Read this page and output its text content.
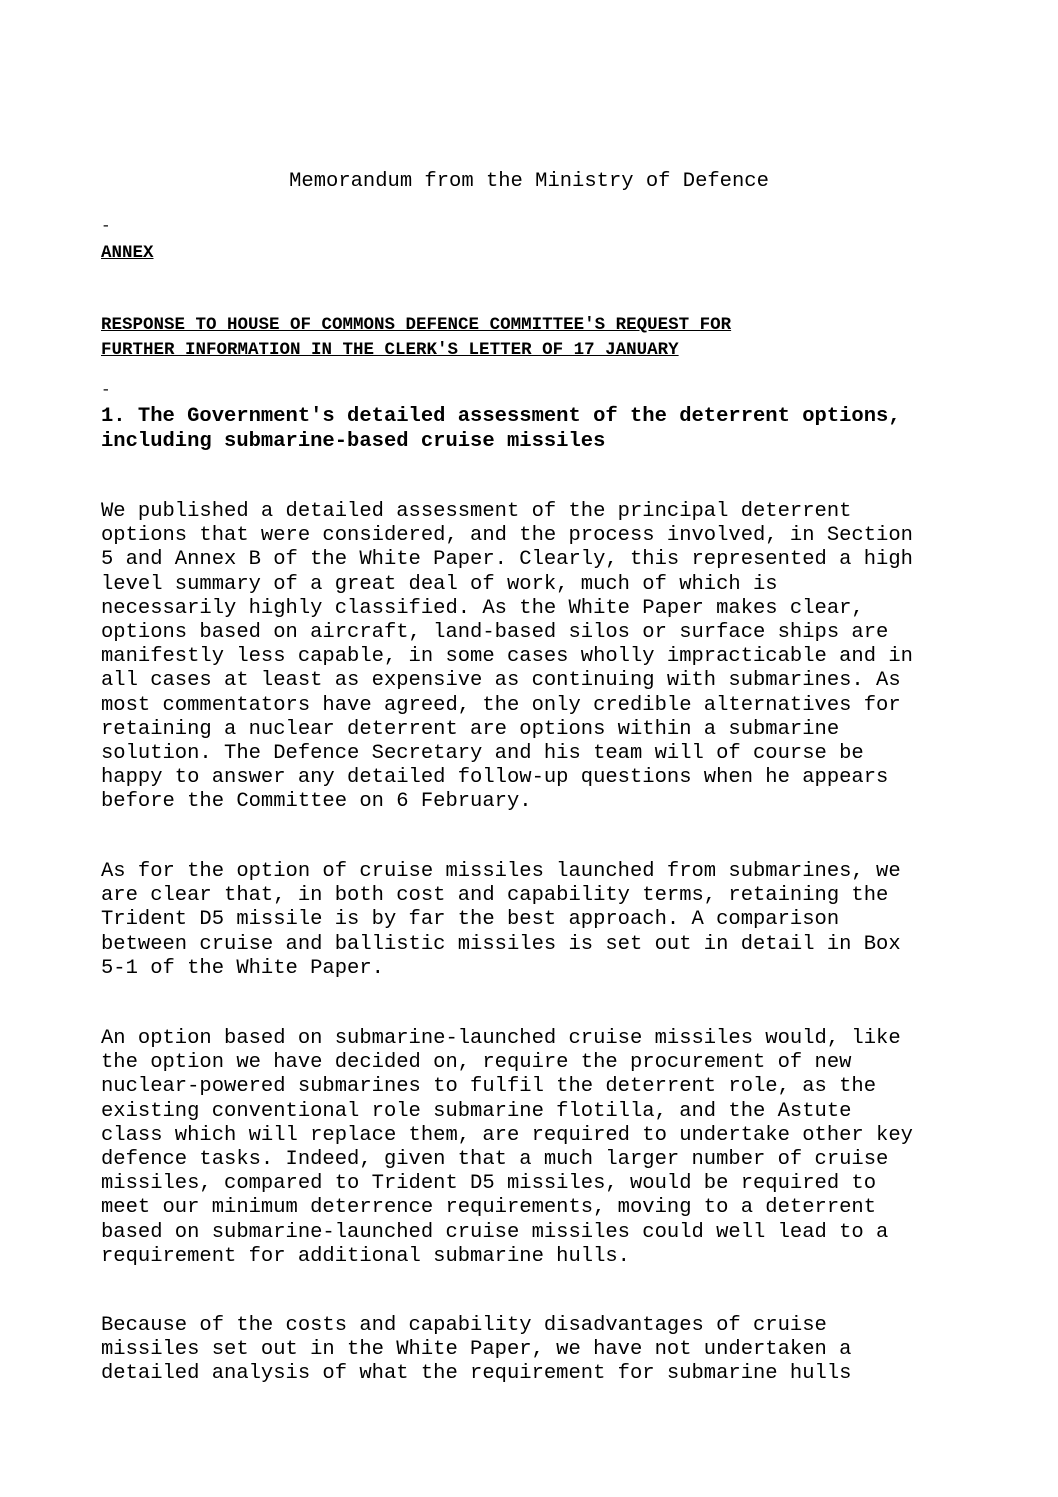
Memorandum from the Ministry of Defence

-

ANNEX

RESPONSE TO HOUSE OF COMMONS DEFENCE COMMITTEE'S REQUEST FOR
FURTHER INFORMATION IN THE CLERK'S LETTER OF 17 JANUARY

-

1. The Government's detailed assessment of the deterrent options,
including submarine-based cruise missiles

We published a detailed assessment of the principal deterrent
options that were considered, and the process involved, in Section
5 and Annex B of the White Paper. Clearly, this represented a high
level summary of a great deal of work, much of which is
necessarily highly classified. As the White Paper makes clear,
options based on aircraft, land-based silos or surface ships are
manifestly less capable, in some cases wholly impracticable and in
all cases at least as expensive as continuing with submarines. As
most commentators have agreed, the only credible alternatives for
retaining a nuclear deterrent are options within a submarine
solution. The Defence Secretary and his team will of course be
happy to answer any detailed follow-up questions when he appears
before the Committee on 6 February.

As for the option of cruise missiles launched from submarines, we
are clear that, in both cost and capability terms, retaining the
Trident D5 missile is by far the best approach. A comparison
between cruise and ballistic missiles is set out in detail in Box
5-1 of the White Paper.

An option based on submarine-launched cruise missiles would, like
the option we have decided on, require the procurement of new
nuclear-powered submarines to fulfil the deterrent role, as the
existing conventional role submarine flotilla, and the Astute
class which will replace them, are required to undertake other key
defence tasks. Indeed, given that a much larger number of cruise
missiles, compared to Trident D5 missiles, would be required to
meet our minimum deterrence requirements, moving to a deterrent
based on submarine-launched cruise missiles could well lead to a
requirement for additional submarine hulls.

Because of the costs and capability disadvantages of cruise
missiles set out in the White Paper, we have not undertaken a
detailed analysis of what the requirement for submarine hulls
